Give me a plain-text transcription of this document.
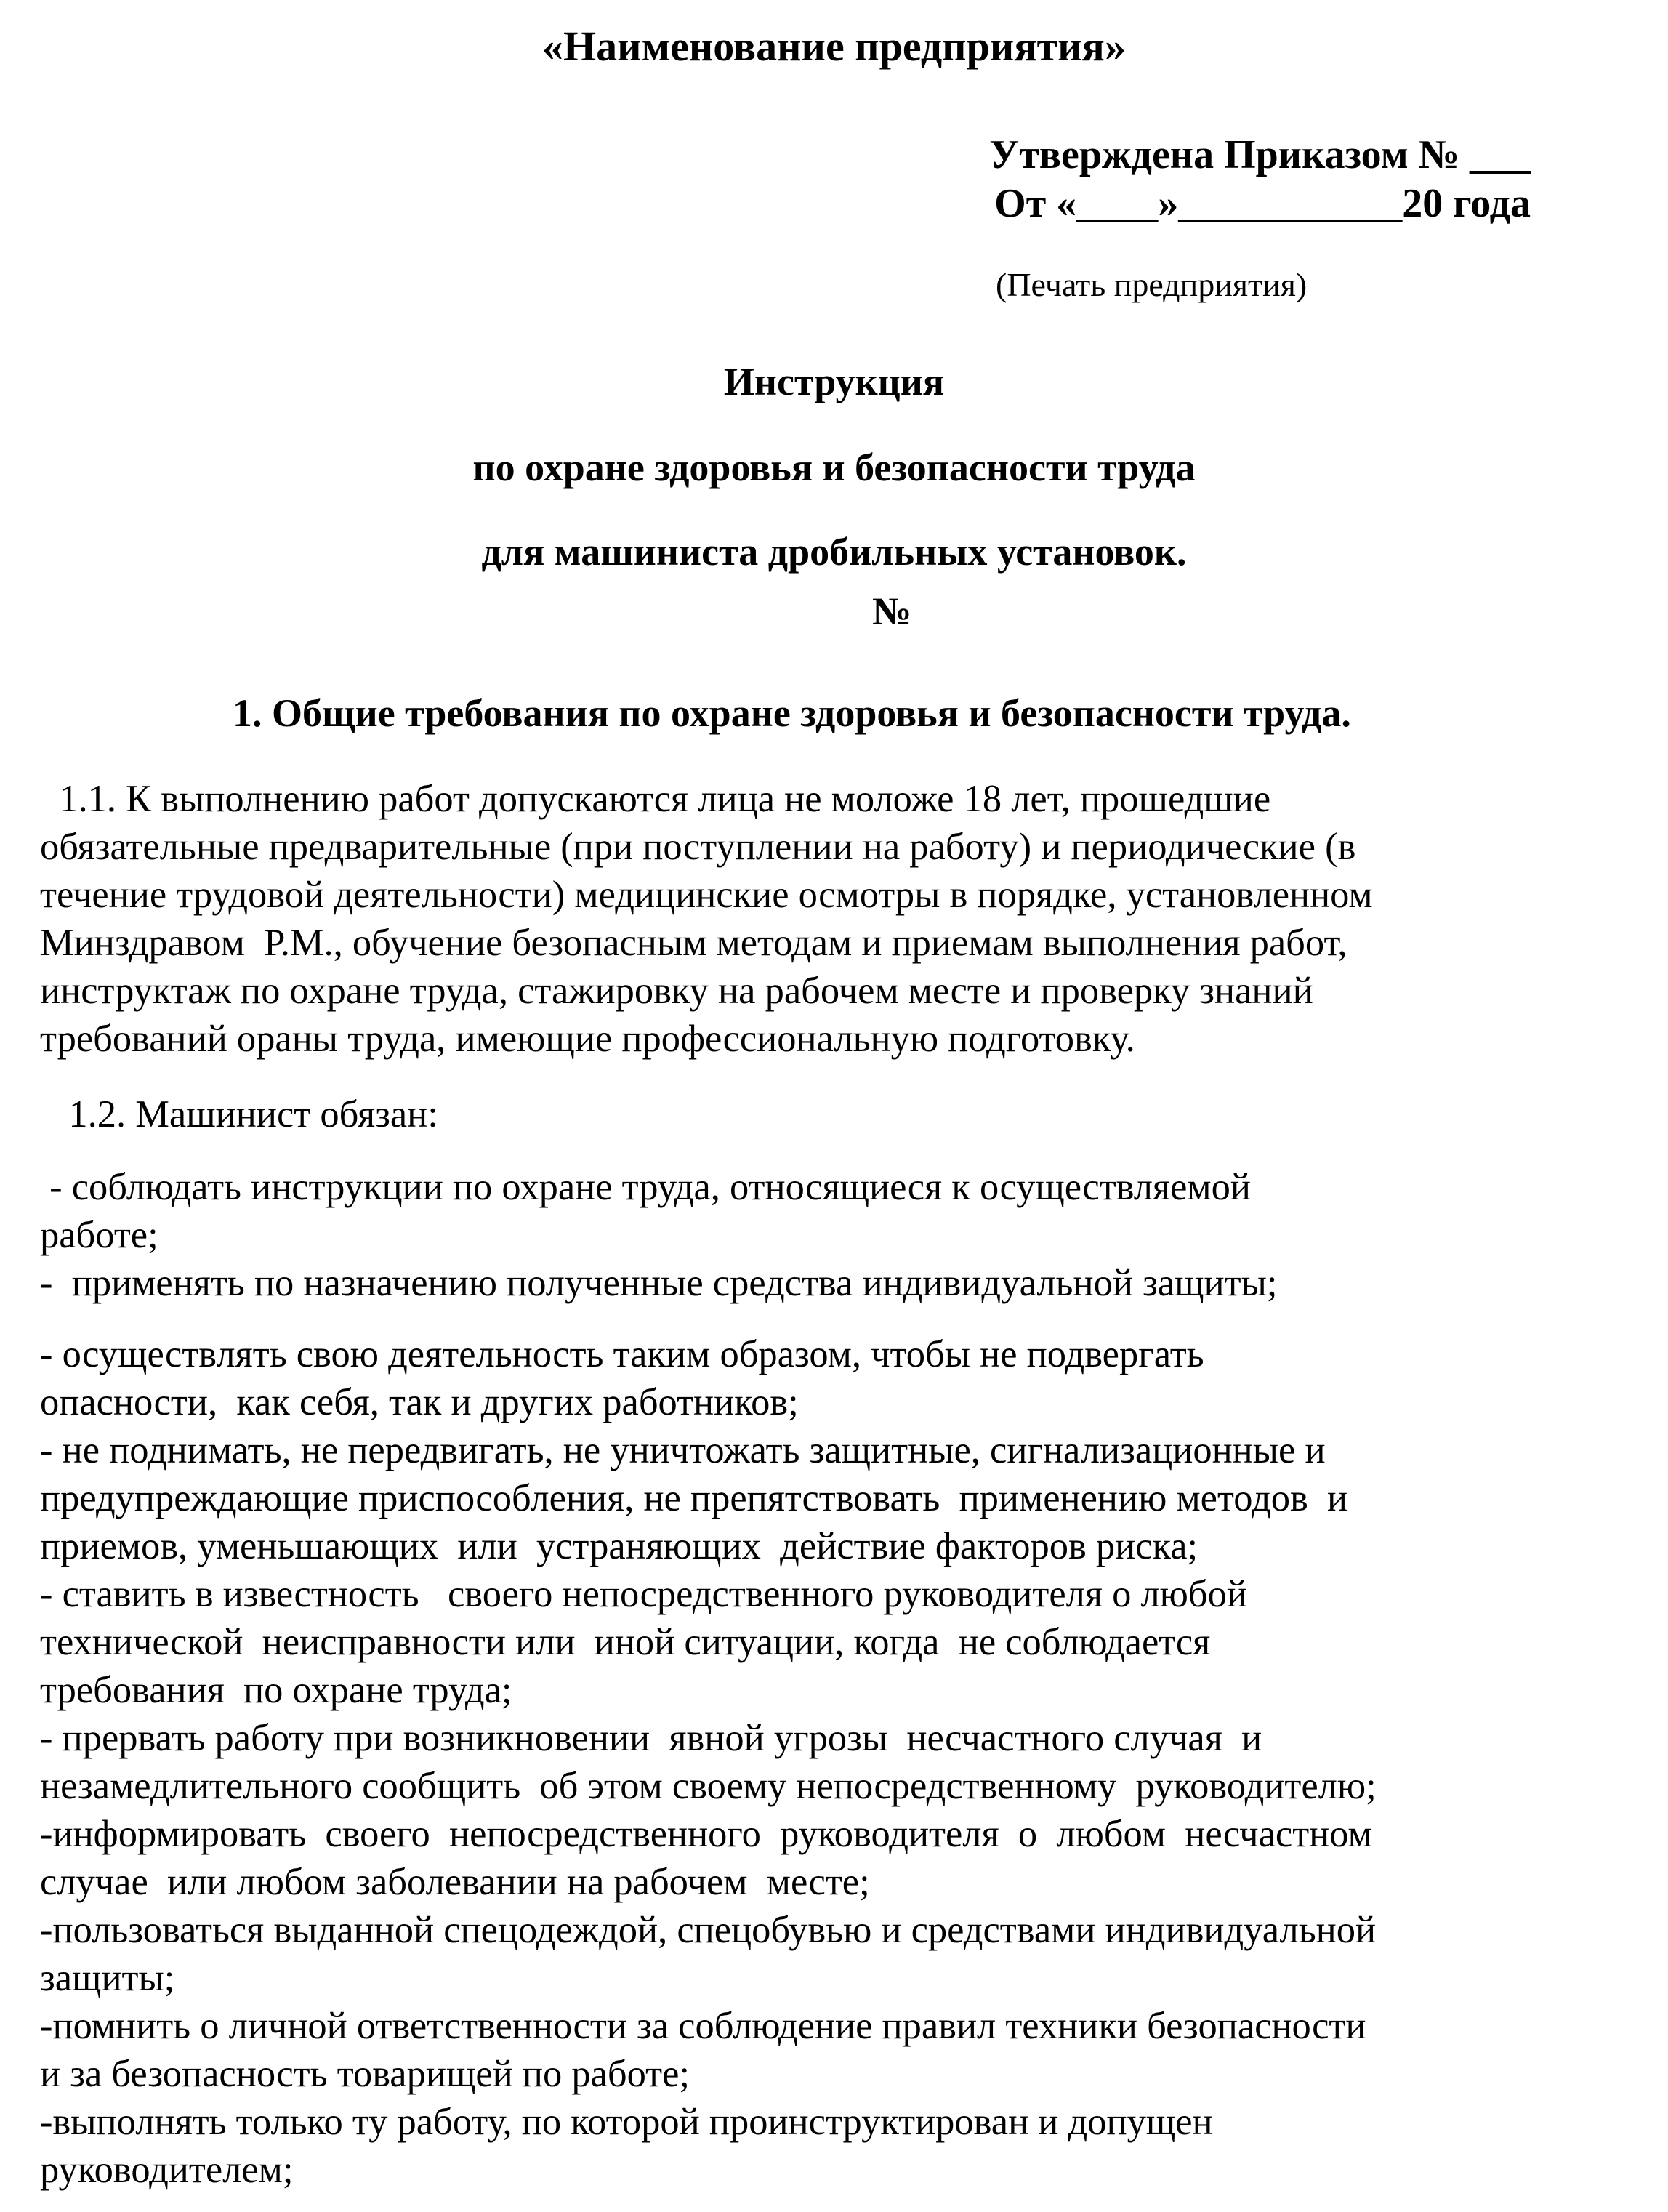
«Наименование предприятия»
Утверждена Приказом № ___
От «____»___________20 года
(Печать предприятия)
Инструкция
по охране здоровья и безопасности труда
для машиниста дробильных установок.
№
1. Общие требования по охране здоровья и безопасности труда.
1.1. К выполнению работ допускаются лица не моложе 18 лет, прошедшие
обязательные предварительные (при поступлении на работу) и периодические (в
течение трудовой деятельности) медицинские осмотры в порядке, установленном
Минздравом  Р.М., обучение безопасным методам и приемам выполнения работ,
инструктаж по охране труда, стажировку на рабочем месте и проверку знаний
требований ораны труда, имеющие профессиональную подготовку.
1.2. Машинист обязан:
- соблюдать инструкции по охране труда, относящиеся к осуществляемой
работе;
-  применять по назначению полученные средства индивидуальной защиты;
- осуществлять свою деятельность таким образом, чтобы не подвергать
опасности,  как себя, так и других работников;
- не поднимать, не передвигать, не уничтожать защитные, сигнализационные и
предупреждающие приспособления, не препятствовать  применению методов  и
приемов, уменьшающих  или  устраняющих  действие факторов риска;
- ставить в известность   своего непосредственного руководителя о любой
технической  неисправности или  иной ситуации, когда  не соблюдается
требования  по охране труда;
- прервать работу при возникновении  явной угрозы  несчастного случая  и
незамедлительного сообщить  об этом своему непосредственному  руководителю;
-информировать  своего  непосредственного  руководителя  о  любом  несчастном
случае  или любом заболевании на рабочем  месте;
-пользоваться выданной спецодеждой, спецобувью и средствами индивидуальной
защиты;
-помнить о личной ответственности за соблюдение правил техники безопасности
и за безопасность товарищей по работе;
-выполнять только ту работу, по которой проинструктирован и допущен
руководителем;
